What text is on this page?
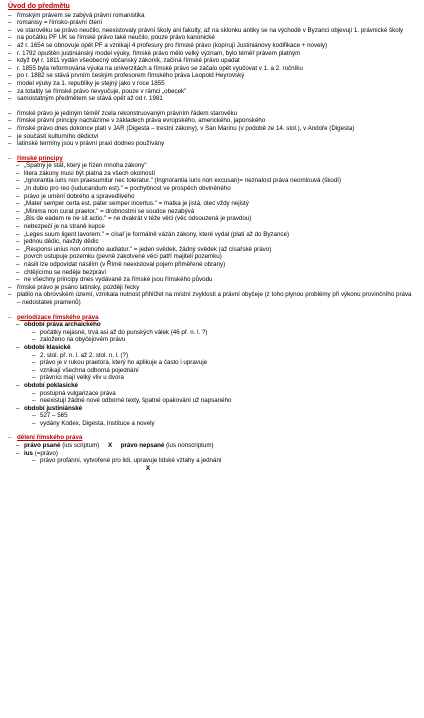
Úvod do předmětu
– římským právem se zabývá právní romanistika
– romanisy = římsko-právní čtení
– ve starověku se právo neučilo, neexistovaly právní školy ani fakulty, až na sklonku antiky se na východě v Byzanci objevují 1. právnické školy
– na počátku PF UK se římské právo také neučilo, pouze právo kanonické
– až r. 1654 se obnovuje opět PF a vznikají 4 profesury pro římské právo (kopírují Justiniánovy kodifikace + novely)
– r. 1792 opuštěn justiniánský model výuky, římské právo mělo velký význam, bylo téměř právem platným
– když byl r. 1811 vydán všeobecný občanský zákoník, začíná římské právo upadat
– r. 1855 byla reformována výuka na univerzitách a římské právo se začalo opět vyučovat v 1. a 2. ročníku
– po r. 1882 se stává prvním českým profesorem římského práva Leopold Heyrovský
– model výuky za 1. republiky je stejný jako v roce 1855
– za totality se římské právo nevyučuje, pouze v rámci „obecek"
– samostatným předmětem se stává opět až od r. 1981
– římské právo je jediným téměř zcela rekonstruovaným právním řádem starověku
– římské právní principy nacházíme v základech práva evropského, amerického, japonského
– římské právo dnes dokonce platí v JAR (Digesta – trestní zákony), v San Marinu (v podobě ze 14. stol.), v Andoře (Digesta)
– je součástí kulturního dědictví
– latinské termíny jsou v právní praxi dodnes používány
– římské principy
– „Špatný je stát, který je řízen mnoha zákony"
– litera zákony musí být platná za všech okolností
– „Ignorantia iuris non praesumitur nec toleratur." (Ingnorantia iuris non excusan)= neznalost práva neomlouvá (škodí)
– „In dubio pro reo (iuducandum est)." = pochybnost ve prospěch obviněného
– právo je umění dobrého a spravedlivého
– „Mater semper certa est, pater semper incertus." = matka je jistá, otec vždy nejistý
– „Minima non curat praetor." = drobnostmi se soudce nezabývá
– „Bis de eadem re ne sit actio." = ne dvakrát v téže věci (věc odsouzená je pravdou)
– nebezpečí je na straně kupce
– „Leges suum ligent lavorem." = císař je formálně vázán zákony, které vydal (platí až do Byzance)
– jednou dědic, navždy dědic
– „Responsi unius non omnoho audiatur." = jeden svědek, žádný svědek (až císařské právo)
– povrch ustupuje pozemku (pevně zakotvené věci patří majiteli pozemku)
– násilí lze odpovídat násilím (v Římě neexistoval pojem přiměřené obrany)
– chtějícímu se neděje bezpráví
– ne všechny principy dnes vydávané za římské jsou římského původu
– římské právo je psáno latinsky, později řecky
– platilo na obrovském území, vznikala nutnost přihlížet na místní zvyklosti a právní obyčeje (z toho plynou problémy při výkonu provinčního práva – nedostatek pramenů)
– periodizace římského práva
– období práva archaického
– počátky nejasné, trvá asi až do punských válek (46 př. n. l. ?)
– založeno na obyčejovém právu
– období klasické
– 2. stol. př. n. l. až 2. stol. n. l. (?)
– právo je v rukou praetora, který ho aplikuje a často i upravuje
– vznikají všechna odborná pojednání
– právníci mají velký vliv u dvora
– období poklasické
– postupná vulgarizace práva
– neexistují žádné nové odborné texty, špatné opakování už napsaného
– období justiniánské
– 527 – 565
– vydány Kodex, Digesta, Instituce a novely
– dělení římského práva
– právo psané (ius scriptum) X právo nepsané (ius nonscriptum)
– ius (=právo)
– právo profánní, vytvořené pro lidi, upravuje lidské vztahy a jednání
X
